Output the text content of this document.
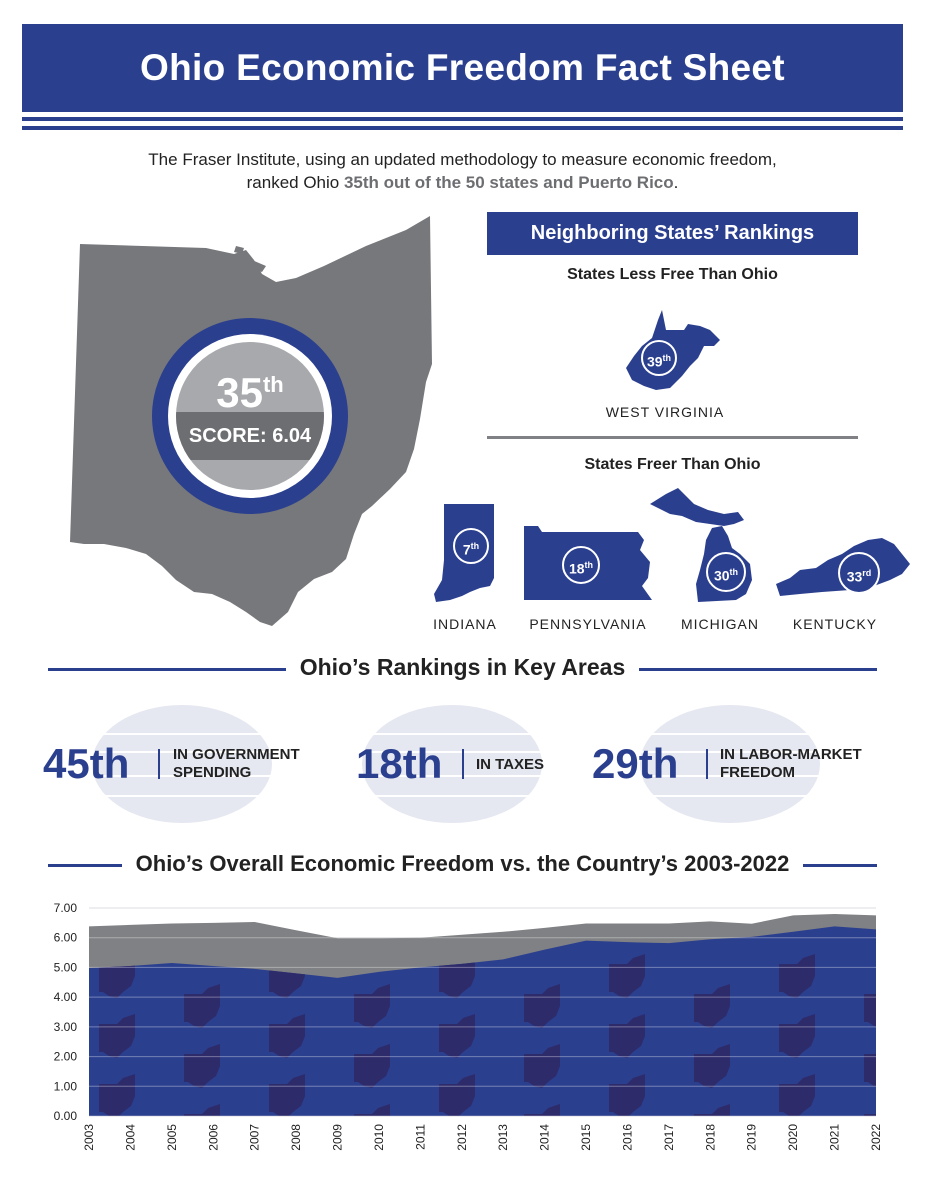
Ohio Economic Freedom Fact Sheet
The Fraser Institute, using an updated methodology to measure economic freedom,
ranked Ohio 35th out of the 50 states and Puerto Rico.
35th
SCORE: 6.04
Neighboring States’ Rankings
States Less Free Than Ohio
39th
WEST VIRGINIA
States Freer Than Ohio
7th
INDIANA
18th
PENNSYLVANIA
30th
MICHIGAN
33rd
KENTUCKY
Ohio’s Rankings in Key Areas
45th	IN GOVERNMENT
SPENDING	18th IN TAXES 29th	IN LABOR-MARKET
FREEDOM
Ohio’s Overall Economic Freedom vs. the Country’s 2003-2022
0.00
1.00
2.00
3.00
4.00
5.00
6.00
7.00
2003 2004 2005 2006 2007 2008 2009 2010 2011 2012 2013 2014 2015 2016 2017 2018 2019 2020 2021 2022
